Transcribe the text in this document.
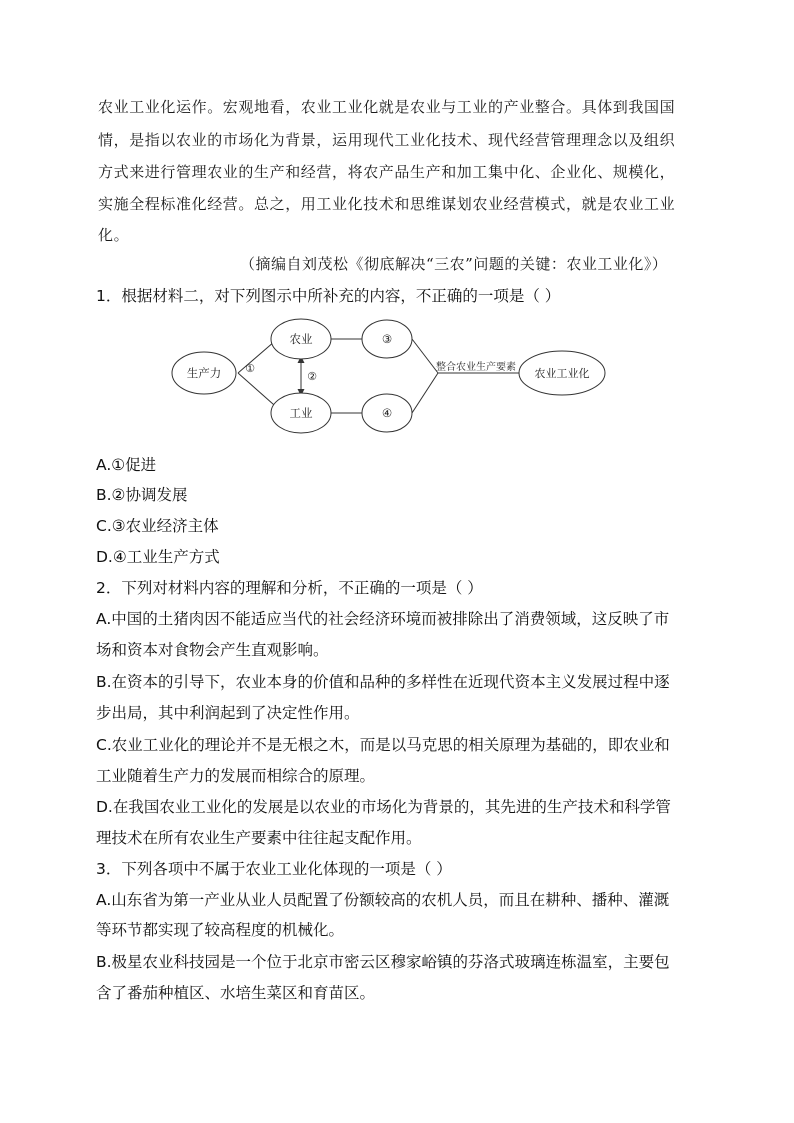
农业工业化运作。宏观地看，农业工业化就是农业与工业的产业整合。具体到我国国
情，是指以农业的市场化为背景，运用现代工业化技术、现代经营管理理念以及组织
方式来进行管理农业的生产和经营，将农产品生产和加工集中化、企业化、规模化，
实施全程标准化经营。总之，用工业化技术和思维谋划农业经营模式，就是农业工业
化。
（摘编自刘茂松《彻底解决“三农”问题的关键：农业工业化》）
1．根据材料二，对下列图示中所补充的内容，不正确的一项是（ ）
生产力
农业
工业
③
④
农业工业化
①
②
整合农业生产要素
A.①促进
B.②协调发展
C.③农业经济主体
D.④工业生产方式
2．下列对材料内容的理解和分析，不正确的一项是（ ）
A.中国的土猪肉因不能适应当代的社会经济环境而被排除出了消费领域，这反映了市
场和资本对食物会产生直观影响。
B.在资本的引导下，农业本身的价值和品种的多样性在近现代资本主义发展过程中逐
步出局，其中利润起到了决定性作用。
C.农业工业化的理论并不是无根之木，而是以马克思的相关原理为基础的，即农业和
工业随着生产力的发展而相综合的原理。
D.在我国农业工业化的发展是以农业的市场化为背景的，其先进的生产技术和科学管
理技术在所有农业生产要素中往往起支配作用。
3．下列各项中不属于农业工业化体现的一项是（ ）
A.山东省为第一产业从业人员配置了份额较高的农机人员，而且在耕种、播种、灌溉
等环节都实现了较高程度的机械化。
B.极星农业科技园是一个位于北京市密云区穆家峪镇的芬洛式玻璃连栋温室，主要包
含了番茄种植区、水培生菜区和育苗区。
